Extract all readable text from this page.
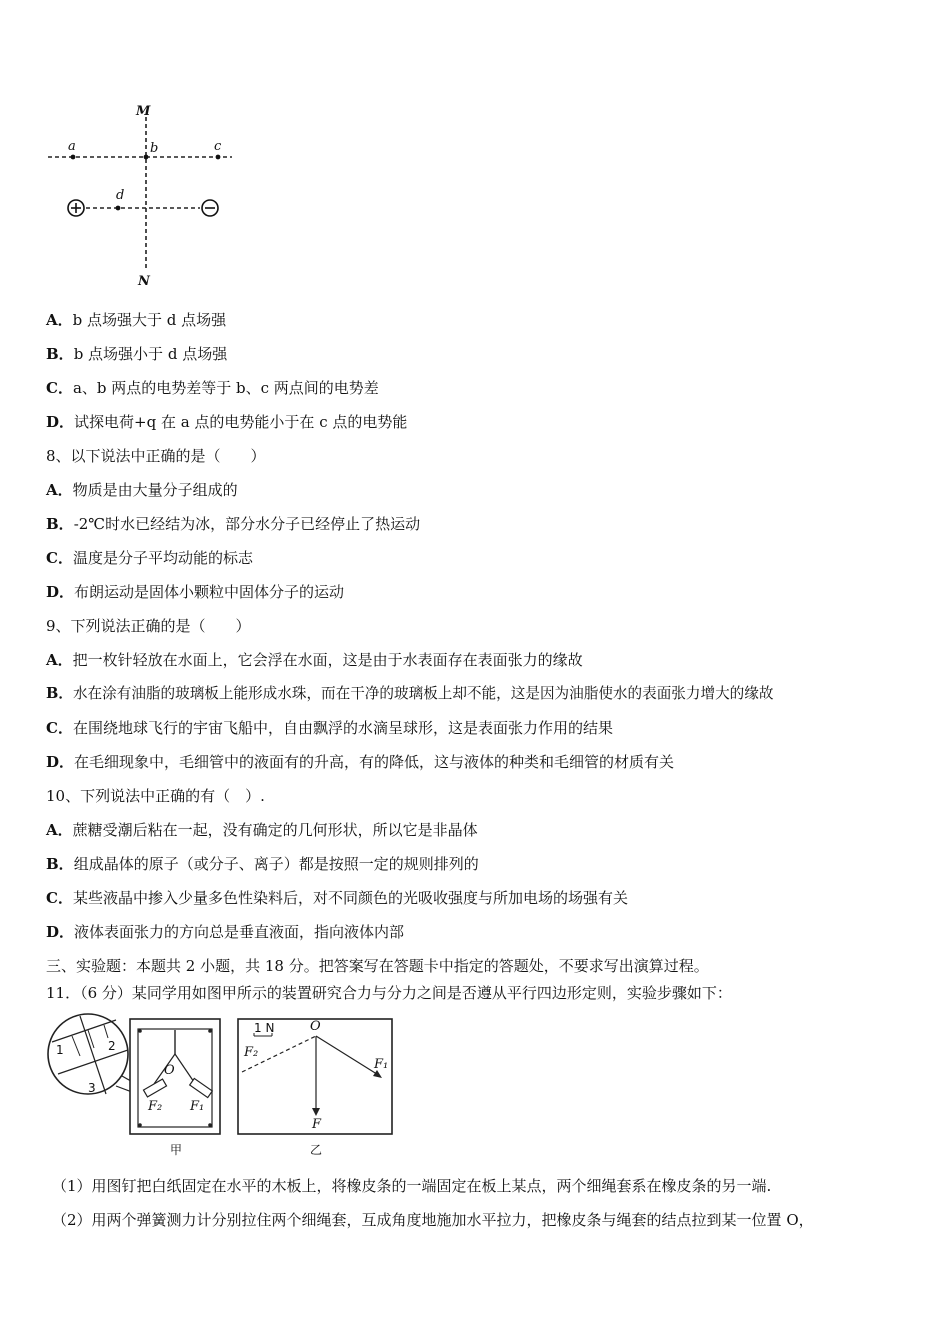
M
N
a	b	c
d
A．b 点场强大于 d 点场强
B．b 点场强小于 d 点场强
C．a、b 两点的电势差等于 b、c 两点间的电势差
D．试探电荷+q 在 a 点的电势能小于在 c 点的电势能
8、以下说法中正确的是（　　）
A．物质是由大量分子组成的
B．-2℃时水已经结为冰，部分水分子已经停止了热运动
C．温度是分子平均动能的标志
D．布朗运动是固体小颗粒中固体分子的运动
9、下列说法正确的是（　　）
A．把一枚针轻放在水面上，它会浮在水面，这是由于水表面存在表面张力的缘故
B．水在涂有油脂的玻璃板上能形成水珠，而在干净的玻璃板上却不能，这是因为油脂使水的表面张力增大的缘故
C．在围绕地球飞行的宇宙飞船中，自由飘浮的水滴呈球形，这是表面张力作用的结果
D．在毛细现象中，毛细管中的液面有的升高，有的降低，这与液体的种类和毛细管的材质有关
10、下列说法中正确的有（　）.
A．蔗糖受潮后粘在一起，没有确定的几何形状，所以它是非晶体
B．组成晶体的原子（或分子、离子）都是按照一定的规则排列的
C．某些液晶中掺入少量多色性染料后，对不同颜色的光吸收强度与所加电场的场强有关
D．液体表面张力的方向总是垂直液面，指向液体内部
三、实验题：本题共 2 小题，共 18 分。把答案写在答题卡中指定的答题处，不要求写出演算过程。
11．（6 分）某同学用如图甲所示的装置研究合力与分力之间是否遵从平行四边形定则，实验步骤如下：
1	2
3
O
F₂ F₁
甲
1 N	O
F₂
F
F₁
乙
（1）用图钉把白纸固定在水平的木板上，将橡皮条的一端固定在板上某点，两个细绳套系在橡皮条的另一端.
（2）用两个弹簧测力计分别拉住两个细绳套，互成角度地施加水平拉力，把橡皮条与绳套的结点拉到某一位置 O，
